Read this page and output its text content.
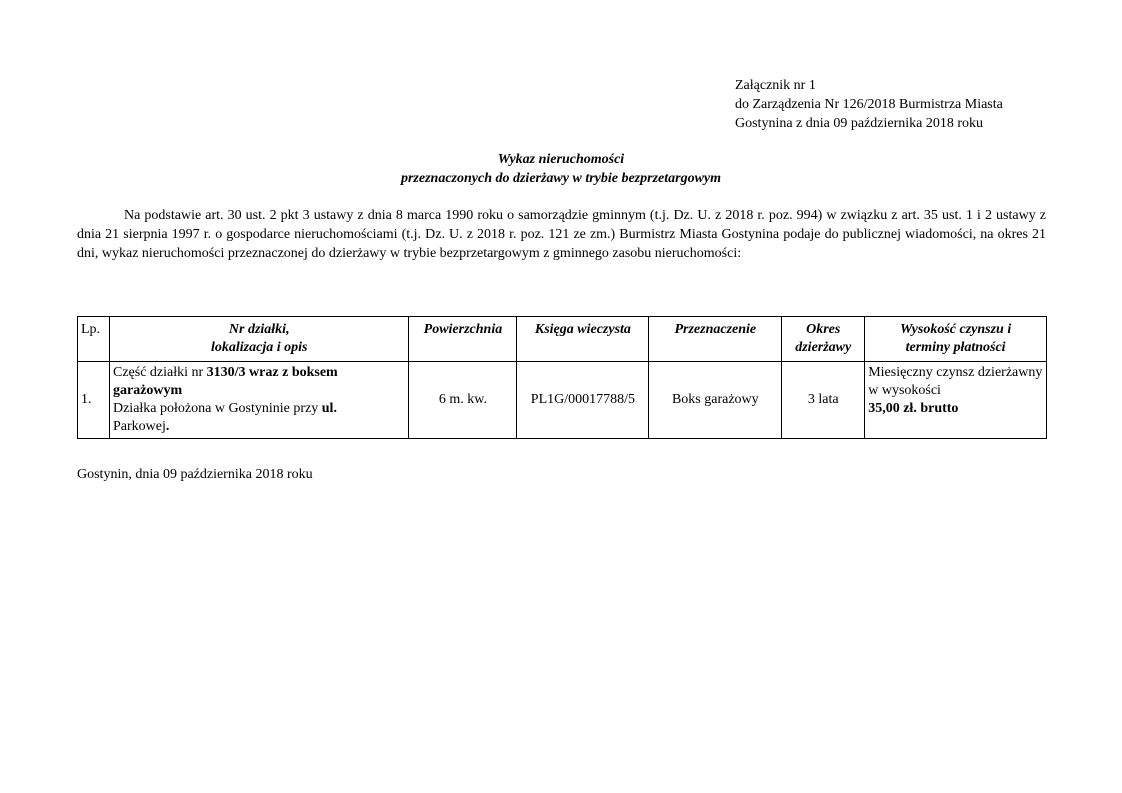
Załącznik nr 1
do Zarządzenia Nr 126/2018 Burmistrza Miasta
Gostynina z dnia 09 października 2018 roku
Wykaz nieruchomości
przeznaczonych do dzierżawy w trybie bezprzetargowym
Na podstawie art. 30 ust. 2 pkt 3 ustawy z dnia 8 marca 1990 roku o samorządzie gminnym (t.j. Dz. U. z 2018 r. poz. 994) w związku z art. 35 ust. 1 i 2 ustawy z dnia 21 sierpnia 1997 r. o gospodarce nieruchomościami (t.j. Dz. U. z 2018 r. poz. 121 ze zm.) Burmistrz Miasta Gostynina podaje do publicznej wiadomości, na okres 21 dni, wykaz nieruchomości przeznaczonej do dzierżawy w trybie bezprzetargowym z gminnego zasobu nieruchomości:
Lp.	Nr działki,
lokalizacja i opis	Powierzchnia	Księga wieczysta	Przeznaczenie	Okres
dzierżawy	Wysokość czynszu i
terminy płatności

1.	Część działki nr 3130/3 wraz z boksem garażowym
Działka położona w Gostyninie przy ul.
Parkowej.	6 m. kw.	PL1G/00017788/5	Boks garażowy	3 lata	Miesięczny czynsz dzierżawny w wysokości
35,00 zł. brutto
Gostynin, dnia 09 października 2018 roku
